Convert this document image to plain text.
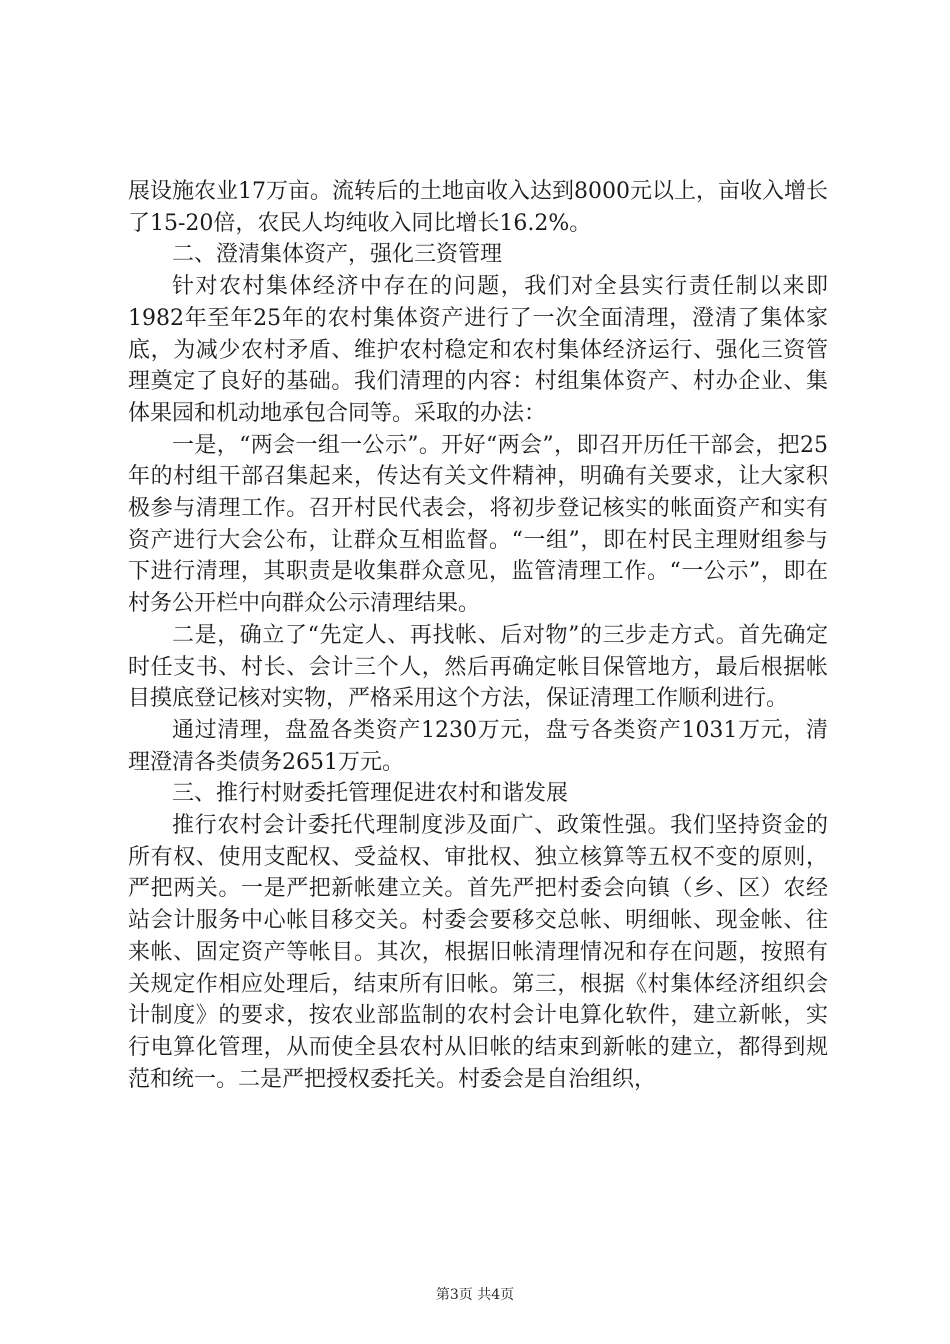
展设施农业17万亩。流转后的土地亩收入达到8000元以上，亩收入增长了15-20倍，农民人均纯收入同比增长16.2%。

二、澄清集体资产，强化三资管理

针对农村集体经济中存在的问题，我们对全县实行责任制以来即1982年至年25年的农村集体资产进行了一次全面清理，澄清了集体家底，为减少农村矛盾、维护农村稳定和农村集体经济运行、强化三资管理奠定了良好的基础。我们清理的内容：村组集体资产、村办企业、集体果园和机动地承包合同等。采取的办法：

一是，“两会一组一公示”。开好“两会”，即召开历任干部会，把25年的村组干部召集起来，传达有关文件精神，明确有关要求，让大家积极参与清理工作。召开村民代表会，将初步登记核实的帐面资产和实有资产进行大会公布，让群众互相监督。“一组”，即在村民主理财组参与下进行清理，其职责是收集群众意见，监管清理工作。“一公示”，即在村务公开栏中向群众公示清理结果。

二是，确立了“先定人、再找帐、后对物”的三步走方式。首先确定时任支书、村长、会计三个人，然后再确定帐目保管地方，最后根据帐目摸底登记核对实物，严格采用这个方法，保证清理工作顺利进行。

通过清理，盘盈各类资产1230万元，盘亏各类资产1031万元，清理澄清各类债务2651万元。

三、推行村财委托管理促进农村和谐发展

推行农村会计委托代理制度涉及面广、政策性强。我们坚持资金的所有权、使用支配权、受益权、审批权、独立核算等五权不变的原则，严把两关。一是严把新帐建立关。首先严把村委会向镇（乡、区）农经站会计服务中心帐目移交关。村委会要移交总帐、明细帐、现金帐、往来帐、固定资产等帐目。其次，根据旧帐清理情况和存在问题，按照有关规定作相应处理后，结束所有旧帐。第三，根据《村集体经济组织会计制度》的要求，按农业部监制的农村会计电算化软件，建立新帐，实行电算化管理，从而使全县农村从旧帐的结束到新帐的建立，都得到规范和统一。二是严把授权委托关。村委会是自治组织，

第3页 共4页
